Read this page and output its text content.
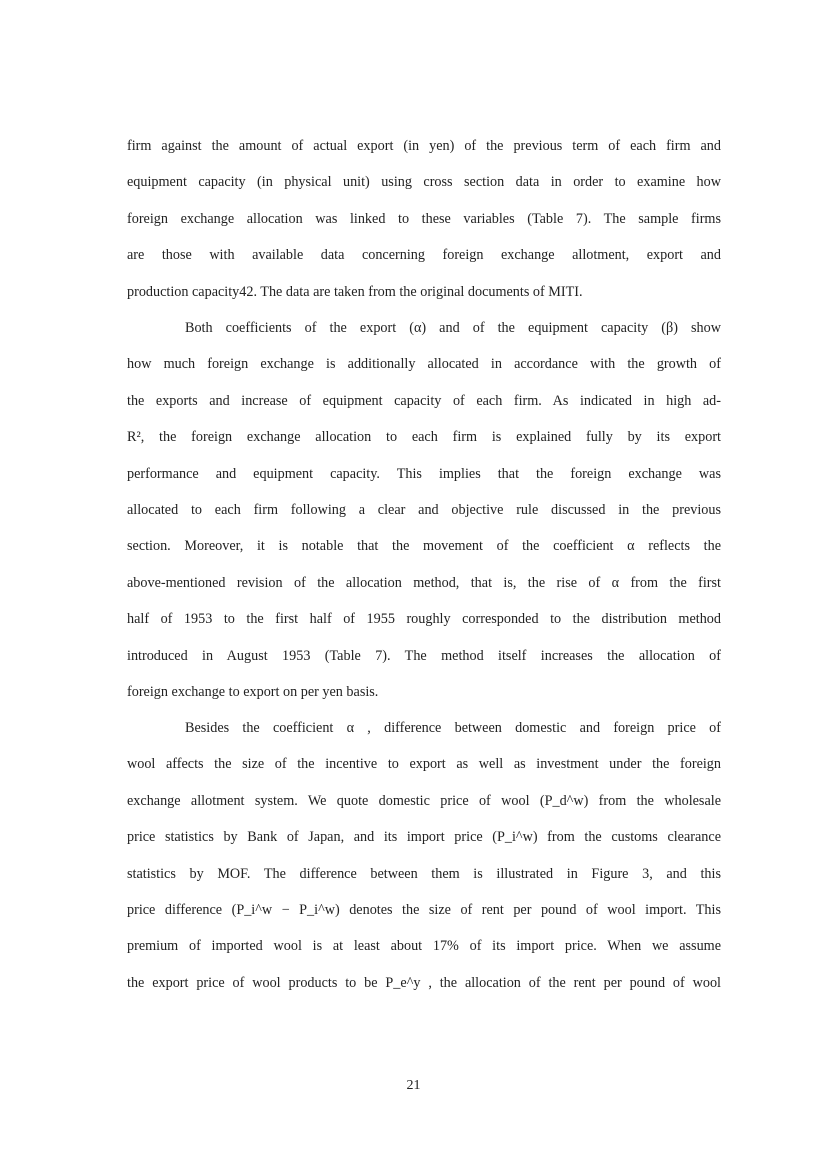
firm against the amount of actual export (in yen) of the previous term of each firm and
equipment capacity (in physical unit) using cross section data in order to examine how
foreign exchange allocation was linked to these variables (Table 7). The sample firms
are those with available data concerning foreign exchange allotment, export and
production capacity42. The data are taken from the original documents of MITI.

Both coefficients of the export (α) and of the equipment capacity (β) show
how much foreign exchange is additionally allocated in accordance with the growth of
the exports and increase of equipment capacity of each firm. As indicated in high ad-
R², the foreign exchange allocation to each firm is explained fully by its export
performance and equipment capacity. This implies that the foreign exchange was
allocated to each firm following a clear and objective rule discussed in the previous
section. Moreover, it is notable that the movement of the coefficient α reflects the
above-mentioned revision of the allocation method, that is, the rise of α from the first
half of 1953 to the first half of 1955 roughly corresponded to the distribution method
introduced in August 1953 (Table 7). The method itself increases the allocation of
foreign exchange to export on per yen basis.

Besides the coefficient α , difference between domestic and foreign price of
wool affects the size of the incentive to export as well as investment under the foreign
exchange allotment system. We quote domestic price of wool (P_d^w) from the wholesale
price statistics by Bank of Japan, and its import price (P_i^w) from the customs clearance
statistics by MOF. The difference between them is illustrated in Figure 3, and this
price difference (P_i^w − P_i^w) denotes the size of rent per pound of wool import. This
premium of imported wool is at least about 17% of its import price. When we assume
the export price of wool products to be P_e^y , the allocation of the rent per pound of wool

21
